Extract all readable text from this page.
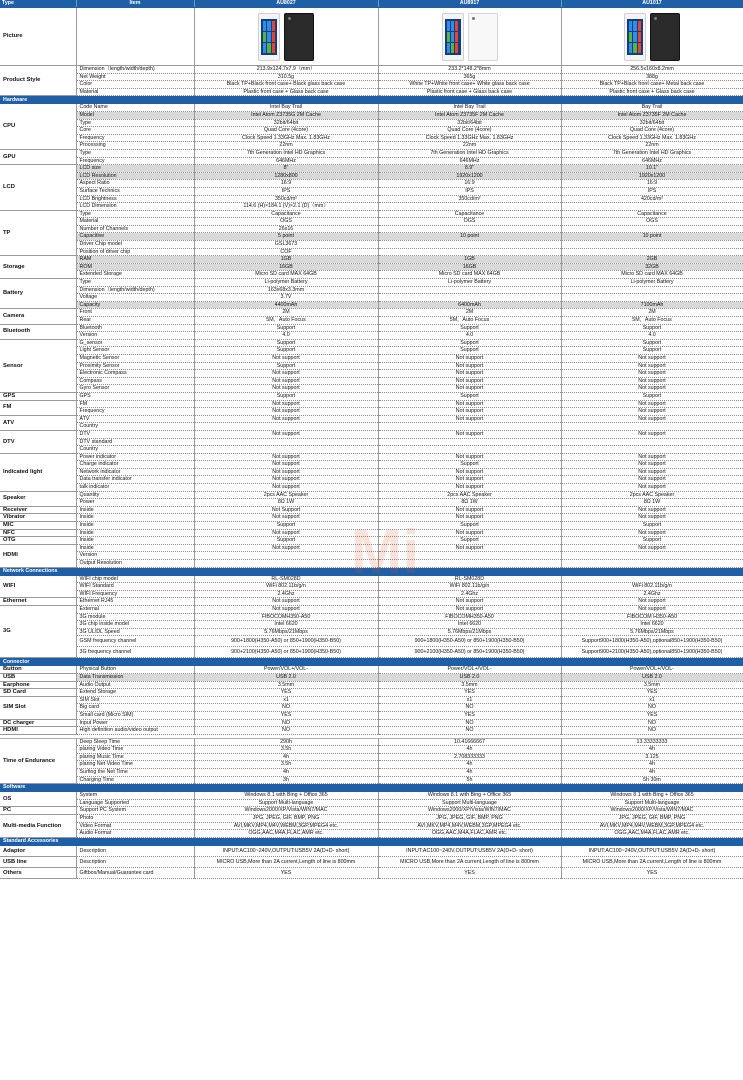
Type	Item	AU8027	AU8917	AU1017
Picture		

Product Style	Dimension（length/width/depth)	213.9x124.7x7.9（mm）	233.2*148.2*8mm	256.5x160x8.2mm
	Net Weight	310.5g	365g	388g
	Color	Black TP+Black front case+ Black glass back case	White TP+White front case+ White glass back case	Black TP+Black front case+ Metal back case
	Material	Plastic front case + Glass back case	Plastic front case + Glass back case	Plastic front case + Glass back case
Hardware				
CPU	Code Name	Intel Bay Trail	Intel Bay Trail	Bay Trail
	Model	Intel Atom Z3735G 2M Cache	Intel Atom Z3735F 2M Cache	Intel Atom Z3735F 2M Cache
	Type	32bit/64bit	32bit/64bit	32bit/64bit
	Core	Quad Core (4core)	Quad Core (4core)	Quad Core (4core)
	Frequency	Clock Speed 1.33GHz Max. 1.83GHz	Clock Speed 1.33GHz Max. 1.83GHz	Clock Speed 1.33GHz Max. 1.83GHz
	Processing	22nm	22nm	22nm
GPU	Type	7th Generation Intel HD Graphics	7th Generation Intel HD Graphics	7th Generation Intel HD Graphics
	Frequency	646MHz	646MHz	646MHz
LCD	LCD size	8"	8.9"	10.1"
	LCD Resolution	1280x800	1920x1200	1920x1200
	Aspect Ratio	16:9	16:9	16:9
	Surface Technics	IPS	IPS	IPS
	LCD Brightness	350cd/m²	350cd/m²	420cd/m²
	LCD Dimension	114.6 (H)×184.1 (V)×2.1 (D)（mm）		
TP	Type	Capacitance	Capacitance	Capacitance
	Material	OGS	OGS	OGS
	Number of Channels	26x16		
	Capacitive	5 point	10 point	10 point
	Driver Chip model	GSL3673		
	Position of driver chip	COF		
Storage	RAM	1GB	1GB	2GB
	ROM	16GB	16GB	32GB
	Extended Storage	Micro SD card MAX 64GB	Micro SD card MAX 64GB	Micro SD card MAX 64GB
Battery	Type	Li-polymer Battery	Li-polymer Battery	Li-polymer Battery
	Dimension（length/width/depth)	163x68x3.3mm		
	Voltage	3.7V		
	Capacity	4400mAh	6400mAh	7100mAh
Camera	Front	2M	2M	2M
	Rear	5M，Auto Focus	5M，Auto Focus	5M，Auto Focus
Bluetooth	Bluetooth	Support	Support	Support
	Version	4.0	4.0	4.0
Sensor	G_sensor	Support	Support	Support
	Light Sensor	Support	Support	Support
	Magnetic Sensor	Not support	Not support	Not support
	Proximity Sensor	Support	Not support	Not support
	Electronic Compass	Not support	Not support	Not support
	Compass	Not support	Not support	Not support
	Gyro Sensor	Not support	Not support	Not support
GPS	GPS	Support	Support	Support
FM	FM	Not support	Not support	Not support
	Frequency	Not support	Not support	Not support
ATV	ATV	Not support	Not support	Not support
	Country			
DTV	DTV	Not support	Not support	Not support
	DTV standard			
	Country			
Indicated light	Power indicator	Not support	Not support	Not support
	Charge indicator	Not support	Support	Not support
	Network indicator	Not support	Not support	Not support
	Data transfer indicator	Not support	Not support	Not support
	talk indicator	Not support	Not support	Not support
Speaker	Quantity	2pcs AAC Speaker	2pcs AAC Speaker	2pcs AAC Speaker
	Power	8Ω 1W	8Ω 1W	8Ω 1W
Receiver	Inside	Not Support	Not support	Not support
Vibrator	Inside	Not support	Not support	Not support
MIC	Inside	Support	Support	Support
NFC	Inside	Not support	Not support	Not support
OTG	Inside	Support	Support	Support
HDMI	Inside	Not support	Not support	Not support
	Version			
	Output Resolution			
Network Connections				
WIFI	WIFI chip model	RL-SM028D	RL-SM028D	
	WIFI Standard	WiFi 802.11b/g/n	WiFi 802.11b/g/n	WiFi 802.11b/g/n
	WIFI Frequency	2.4Ghz	2.4Ghz	2.4Ghz
Ethernet	Ethernet RJ45	Not support	Not support	Not support
3G	External	Not support	Not support	Not support
	3G module	FIBOCOMH350-A50	FIBOCOMH350-A50	FIBOCOM H350-A50
	3G chip inside model	Intel 6620	Intel 6620	Intel 6620
	3G UL/DL Speed	5.76Mbps/21Mbps	5.76Mbps/21Mbps	5.76Mbps/21Mbps
	GSM frequency channel	900+1800(H350-A50) or 850+1900(H350-B50)	900+1800(H350-A50) or 850+1900(H350-B50)	Support900+1800(H350-A50),optional850+1900(H350-B50)
	3G frequency channel	900+2100(H350-A50) or 850+1900(H350-B50)	900+2100(H350-A50) or 850+1900(H350-B50)	Support900+2100(H350-A50),optional850+1900(H350-B50)
Connector				
Button	Physical Button	Power/VOL+/VOL-	Power/VOL+/VOL-	Power/VOL+/VOL-
USB	Data Transmission	USB 2.0	USB 2.0	USB 2.0
Earphone	Audio Output	3.5mm	3.5mm	3.5mm
SD Card	Extend Storage	YES	YES	YES
SIM Slot	SIM Slot	x1	x1	x1
	Big card	NO	NO	NO
	Small card (Micro SIM)	YES	YES	YES
DC charger	Input Power	NO	NO	NO
HDMI	High definition audio/video output	NO	NO	NO

Time of Endurance	Deep Sleep Time	290h	10.41666667	13.33333333
	plaring Video Time	3.5h	4h	4h
	plaring Music Time	4h	2.708333333	3.125
	plaring Net Video Time	3.5h	4h	4h
	Surfing the Net Time	4h	4h	4h
	Charging Time	3h	5h	5h 30m
Software				
OS	System	Windows 8.1 with Bing + Office 365	Windows 8.1 with Bing + Office 365	Windows 8.1 with Bing + Office 365
	Language Supported	Support Multi-language	Support Multi-language	Support Multi-language
PC	Support PC System	Windows2000/XP/Vista/WIN7/MAC	Windows2000/XP/Vista/WIN7/MAC	Windows2000/XP/Vista/WIN7/MAC
Multi-media Function	Photo	JPG, JPEG, GIF, BMP, PNG	JPG, JPEG, GIF, BMP, PNG	JPG, JPEG, GIF, BMP, PNG
	Video Format	AVI,MKV,MP4,M4V,WEBM,3GP,MPEG4 etc.	AVI,MKV,MP4,M4V,WEBM,3GP,MPEG4 etc.	AVI,MKV,MP4,M4V,WEBM,3GP,MPEG4 etc.
	Audio Format	OGG,AAC,M4A,FLAC,AMR etc.	OGG,AAC,M4A,FLAC,AMR etc.	OGG,AAC,M4A,FLAC,AMR etc.
Standard Accessories				
Adaptor	Description	INPUT:AC100~240V,OUTPUT:USB5V 2A(D+D- short)	INPUT:AC100~240V,OUTPUT:USB5V 2A(D+D- short)	INPUT:AC100~240V,OUTPUT:USB5V 2A(D+D- short)
USB line	Description	MICRO USB,More than 2A current,Length of line is 800mm	MICRO USB,More than 2A current,Length of line is 800mm	MICRO USB,More than 2A current,Length of line is 800mm
Others	Giftbox/Manual/Guarantee card	YES	YES	YES
Mi
